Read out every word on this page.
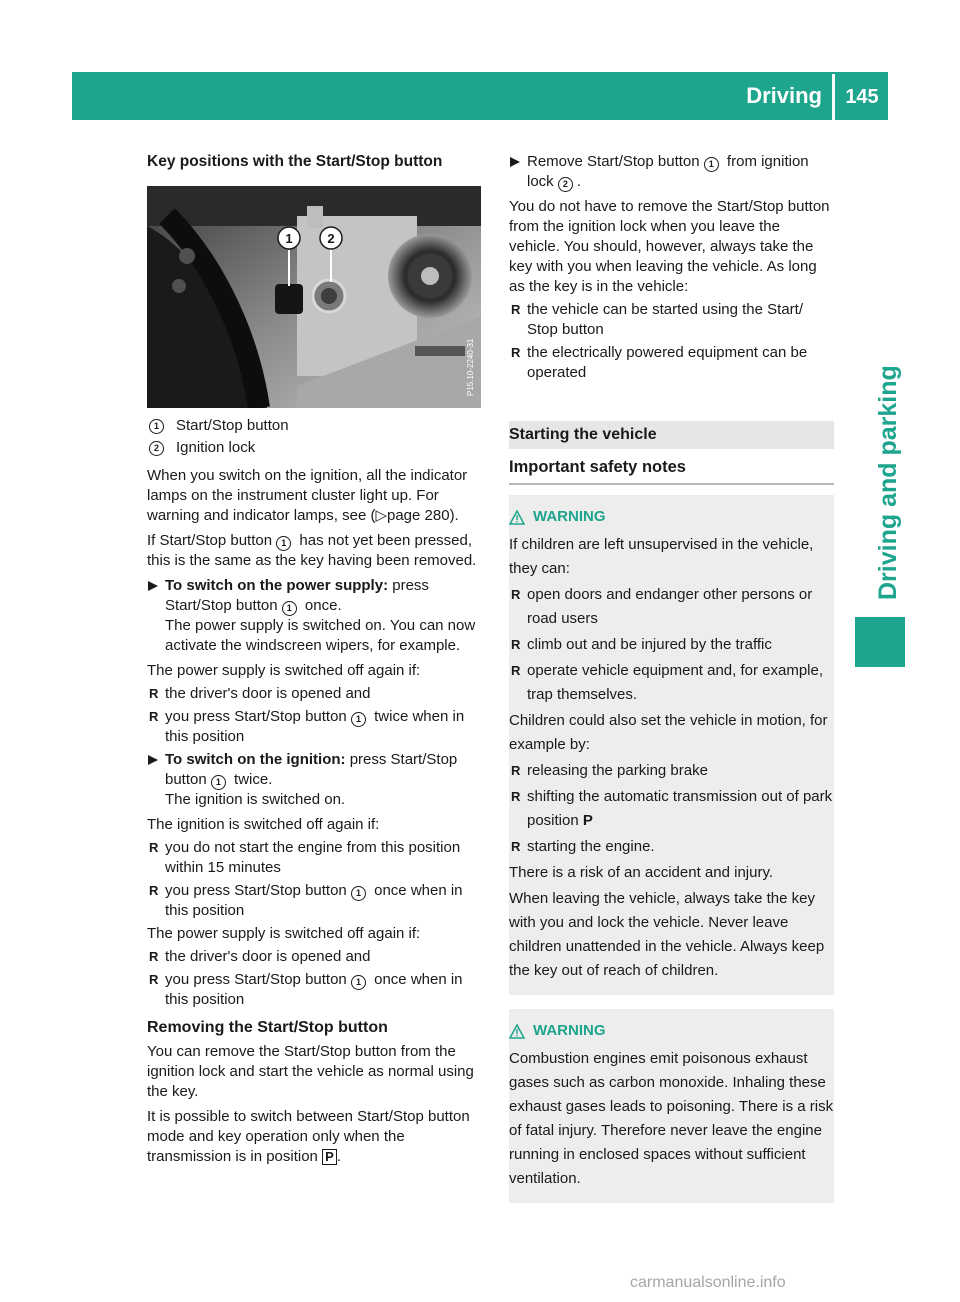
Driving 145
Driving and parking
Key positions with the Start/Stop button
1	2
P15.10-2240-31
1	Start/Stop button
2	Ignition lock

When you switch on the ignition, all the indicator lamps on the instrument cluster light up. For warning and indicator lamps, see (▷page 280).

If Start/Stop button 1 has not yet been pressed, this is the same as the key having been removed.

To switch on the power supply: press Start/Stop button 1 once.
The power supply is switched on. You can now activate the windscreen wipers, for example.

The power supply is switched off again if:

R the driver's door is opened and
R you press Start/Stop button 1 twice when in this position
To switch on the ignition: press Start/Stop button 1 twice.
The ignition is switched on.

The ignition is switched off again if:

R you do not start the engine from this position within 15 minutes
R you press Start/Stop button 1 once when in this position

The power supply is switched off again if:

R the driver's door is opened and
R you press Start/Stop button 1 once when in this position
Removing the Start/Stop button

You can remove the Start/Stop button from the ignition lock and start the vehicle as normal using the key.

It is possible to switch between Start/Stop button mode and key operation only when the transmission is in position P .

Remove Start/Stop button 1 from ignition lock 2 .

You do not have to remove the Start/Stop button from the ignition lock when you leave the vehicle. You should, however, always take the key with you when leaving the vehicle. As long as the key is in the vehicle:

R the vehicle can be started using the Start/ Stop button
R the electrically powered equipment can be operated
Starting the vehicle
Important safety notes
WARNING

If children are left unsupervised in the vehicle, they can:

R open doors and endanger other persons or road users
R climb out and be injured by the traffic
R operate vehicle equipment and, for example, trap themselves.

Children could also set the vehicle in motion, for example by:

R releasing the parking brake
R shifting the automatic transmission out of park position P
R starting the engine.

There is a risk of an accident and injury.

When leaving the vehicle, always take the key with you and lock the vehicle. Never leave children unattended in the vehicle. Always keep the key out of reach of children.

WARNING

Combustion engines emit poisonous exhaust gases such as carbon monoxide. Inhaling these exhaust gases leads to poisoning. There is a risk of fatal injury. Therefore never leave the engine running in enclosed spaces without sufficient ventilation.

carmanualsonline.info
